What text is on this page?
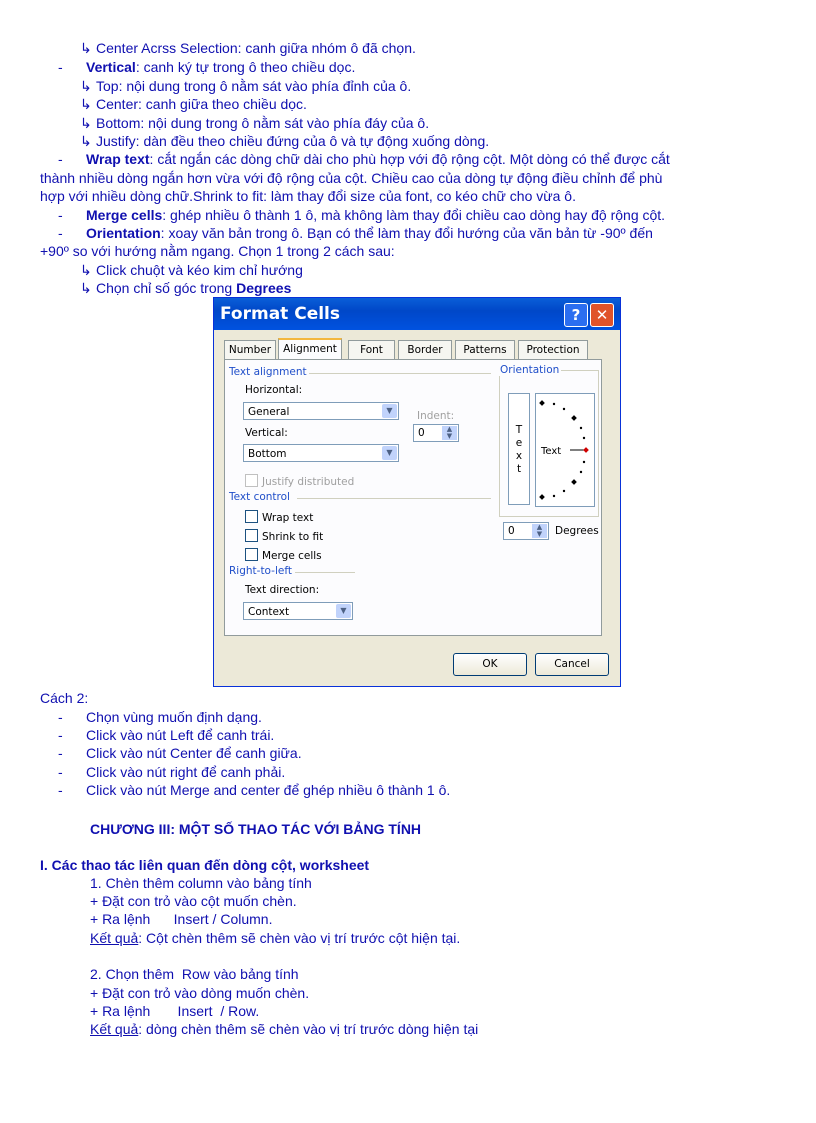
↳ Center Acrss Selection: canh giữa nhóm ô đã chọn.
- Vertical: canh ký tự trong ô theo chiều dọc.
↳ Top: nội dung trong ô nằm sát vào phía đỉnh của ô.
↳ Center: canh giữa theo chiều dọc.
↳ Bottom: nội dung trong ô nằm sát vào phía đáy của ô.
↳ Justify: dàn đều theo chiều đứng của ô và tự động xuống dòng.
- Wrap text: cắt ngắn các dòng chữ dài cho phù hợp với độ rộng cột. Một dòng có thể được cắt
thành nhiều dòng ngắn hơn vừa với độ rộng của cột. Chiều cao của dòng tự động điều chỉnh để phù
hợp với nhiều dòng chữ.Shrink to fit: làm thay đổi size của font, co kéo chữ cho vừa ô.
- Merge cells: ghép nhiều ô thành 1 ô, mà không làm thay đổi chiều cao dòng hay độ rộng cột.
- Orientation: xoay văn bản trong ô. Bạn có thể làm thay đổi hướng của văn bản từ -90º đến
+90º so với hướng nằm ngang. Chọn 1 trong 2 cách sau:
↳ Click chuột và kéo kim chỉ hướng
↳ Chọn chỉ số góc trong Degrees
Format Cells	?	✕
Number	Alignment	Font	Border	Patterns	Protection
Text alignment
Horizontal:
General	▼	Indent:
0	▲
▼
Vertical:
Bottom	▼
Justify distributed
Text control
Wrap text
Shrink to fit
Merge cells
Right-to-left
Text direction:
Context	▼
Orientation
T e x t
Text
0	▲
▼	Degrees
OK	Cancel
Cách 2:
- Chọn vùng muốn định dạng.
- Click vào nút Left để canh trái.
- Click vào nút Center để canh giữa.
- Click vào nút right để canh phải.
- Click vào nút Merge and center để ghép nhiều ô thành 1 ô.
CHƯƠNG III: MỘT SỐ THAO TÁC VỚI BẢNG TÍNH
I. Các thao tác liên quan đến dòng cột, worksheet
1. Chèn thêm column vào bảng tính
+ Đặt con trỏ vào cột muốn chèn.
+ Ra lệnh      Insert / Column.
Kết quả: Cột chèn thêm sẽ chèn vào vị trí trước cột hiện tại.
2. Chọn thêm  Row vào bảng tính
+ Đặt con trỏ vào dòng muốn chèn.
+ Ra lệnh       Insert  / Row.
Kết quả: dòng chèn thêm sẽ chèn vào vị trí trước dòng hiện tại
